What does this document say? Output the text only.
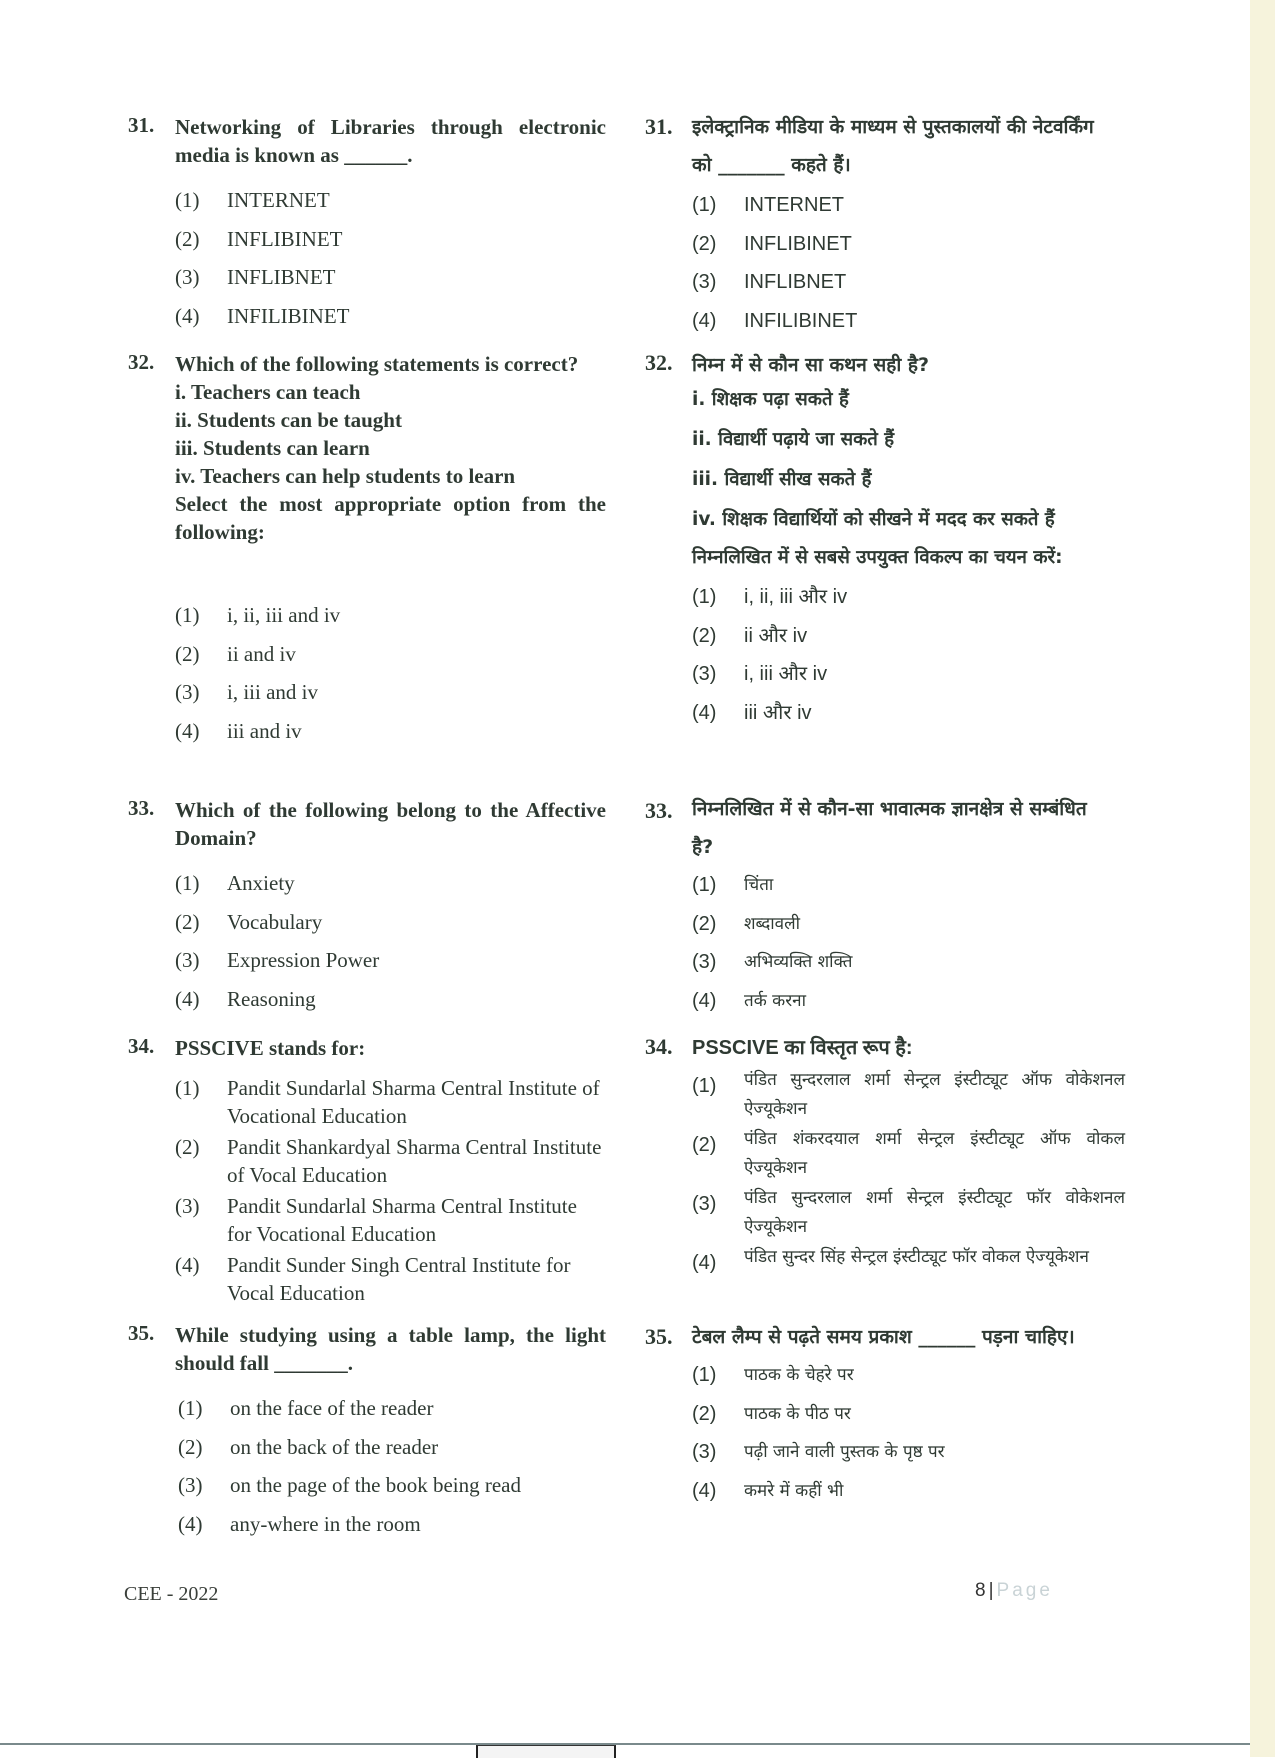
31. Networking of Libraries through electronic media is known as ______.
(1)	INTERNET
(2)	INFLIBINET
(3)	INFLIBNET
(4)	INFILIBINET
32. Which of the following statements is correct?
i. Teachers can teach
ii. Students can be taught
iii. Students can learn
iv. Teachers can help students to learn
Select the most appropriate option from the following:
(1)	i, ii, iii and iv
(2)	ii and iv
(3)	i, iii and iv
(4)	iii and iv
33. Which of the following belong to the Affective Domain?
(1)	Anxiety
(2)	Vocabulary
(3)	Expression Power
(4)	Reasoning
34. PSSCIVE stands for:
(1)	Pandit Sundarlal Sharma Central Institute of Vocational Education
(2)	Pandit Shankardyal Sharma Central Institute of Vocal Education
(3)	Pandit Sundarlal Sharma Central Institute for Vocational Education
(4)	Pandit Sunder Singh Central Institute for Vocal Education
35. While studying using a table lamp, the light should fall _______.
(1)	on the face of the reader
(2)	on the back of the reader
(3)	on the page of the book being read
(4)	any-where in the room
31.	इलेक्ट्रानिक मीडिया के माध्यम से पुस्तकालयों की नेटवर्किंग को _______ कहते हैं।
(1)	INTERNET
(2)	INFLIBINET
(3)	INFLIBNET
(4)	INFILIBINET
32.	निम्न में से कौन सा कथन सही है?
i. शिक्षक पढ़ा सकते हैं
ii. विद्यार्थी पढ़ाये जा सकते हैं
iii. विद्यार्थी सीख सकते हैं
iv. शिक्षक विद्यार्थियों को सीखने में मदद कर सकते हैं
निम्नलिखित में से सबसे उपयुक्त विकल्प का चयन करें:
(1)	i, ii, iii और iv
(2)	ii और iv
(3)	i, iii और iv
(4)	iii और iv
33.	निम्नलिखित में से कौन-सा भावात्मक ज्ञानक्षेत्र से सम्बंधित है?
(1)	चिंता
(2)	शब्दावली
(3)	अभिव्यक्ति शक्ति
(4)	तर्क करना
34. PSSCIVE का विस्तृत रूप है:
(1)	पंडित सुन्दरलाल शर्मा सेन्ट्रल इंस्टीट्यूट ऑफ वोकेशनल ऐज्यूकेशन
(2)	पंडित शंकरदयाल शर्मा सेन्ट्रल इंस्टीट्यूट ऑफ वोकल ऐज्यूकेशन
(3)	पंडित सुन्दरलाल शर्मा सेन्ट्रल इंस्टीट्यूट फॉर वोकेशनल ऐज्यूकेशन
(4)	पंडित सुन्दर सिंह सेन्ट्रल इंस्टीट्यूट फॉर वोकल ऐज्यूकेशन
35.	टेबल लैम्प से पढ़ते समय प्रकाश ______ पड़ना चाहिए।
(1)	पाठक के चेहरे पर
(2)	पाठक के पीठ पर
(3)	पढ़ी जाने वाली पुस्तक के पृष्ठ पर
(4)	कमरे में कहीं भी
CEE - 2022	8 | Page
